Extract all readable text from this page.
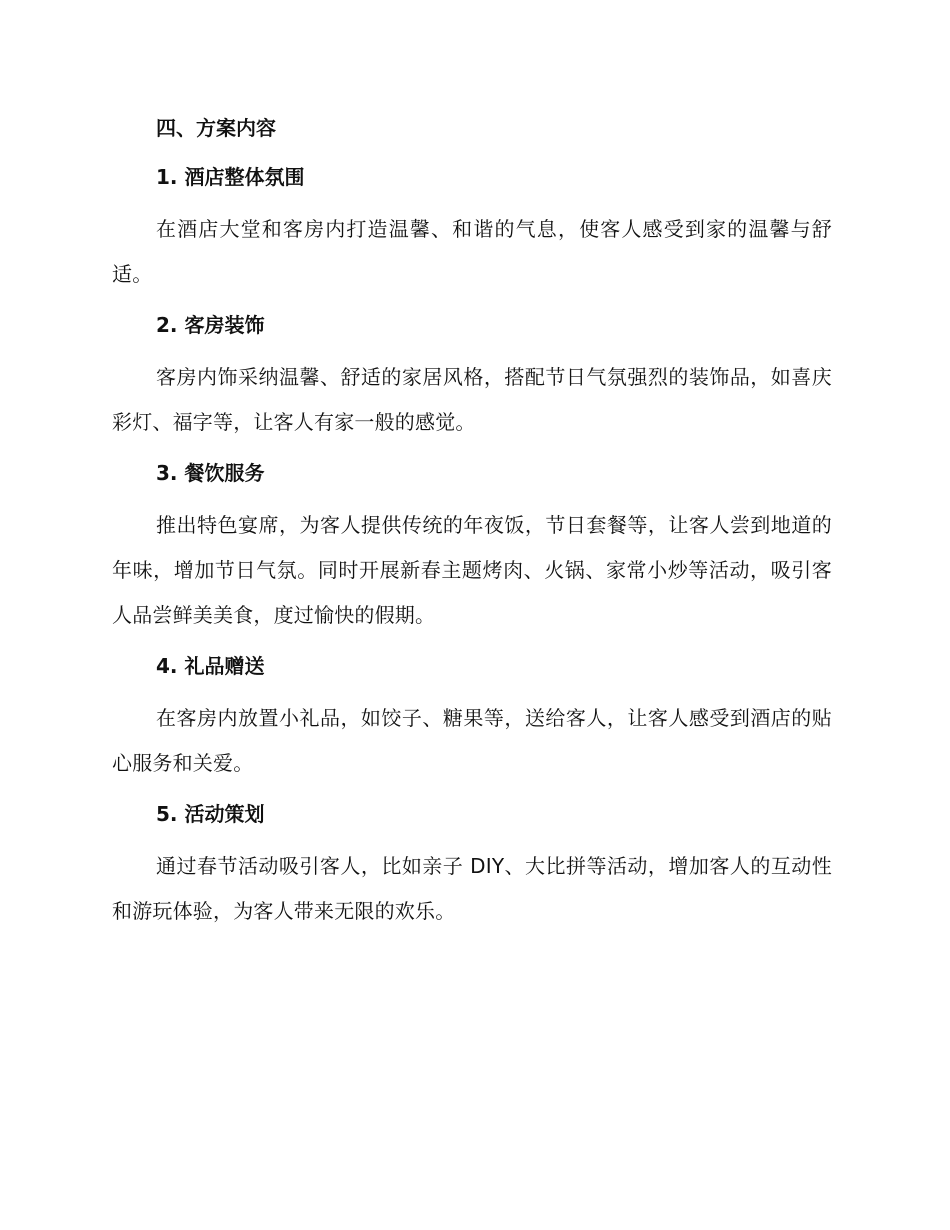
四、方案内容
1. 酒店整体氛围

在酒店大堂和客房内打造温馨、和谐的气息，使客人感受到家的温馨与舒适。

2. 客房装饰

客房内饰采纳温馨、舒适的家居风格，搭配节日气氛强烈的装饰品，如喜庆彩灯、福字等，让客人有家一般的感觉。

3. 餐饮服务

推出特色宴席，为客人提供传统的年夜饭，节日套餐等，让客人尝到地道的年味，增加节日气氛。同时开展新春主题烤肉、火锅、家常小炒等活动，吸引客人品尝鲜美美食，度过愉快的假期。

4. 礼品赠送

在客房内放置小礼品，如饺子、糖果等，送给客人，让客人感受到酒店的贴心服务和关爱。

5. 活动策划

通过春节活动吸引客人，比如亲子 DIY、大比拼等活动，增加客人的互动性和游玩体验，为客人带来无限的欢乐。
